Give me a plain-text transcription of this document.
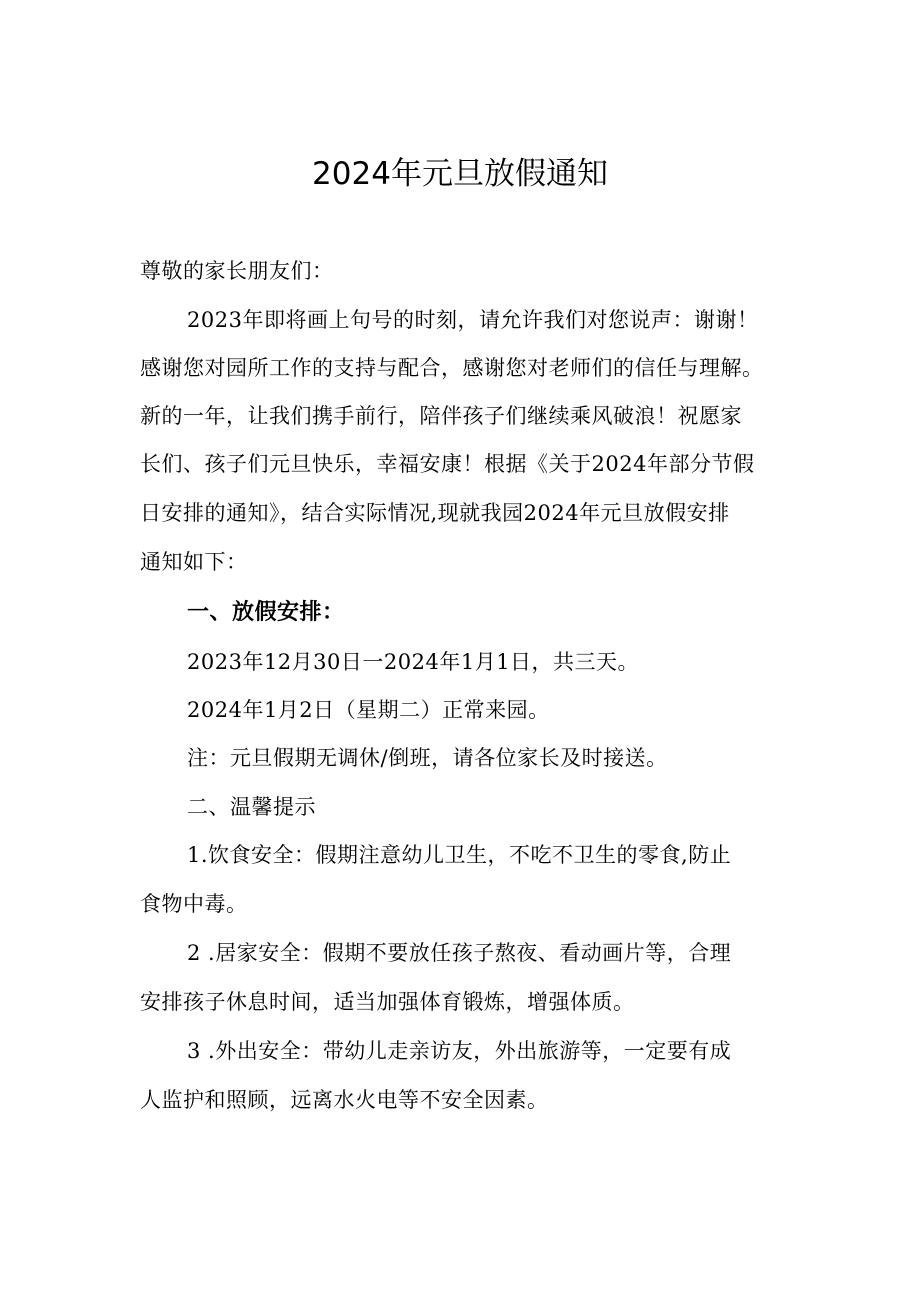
2024年元旦放假通知
尊敬的家长朋友们：
2023年即将画上句号的时刻，请允许我们对您说声：谢谢！
感谢您对园所工作的支持与配合，感谢您对老师们的信任与理解。
新的一年，让我们携手前行，陪伴孩子们继续乘风破浪！祝愿家
长们、孩子们元旦快乐，幸福安康！根据《关于2024年部分节假
日安排的通知》，结合实际情况,现就我园2024年元旦放假安排
通知如下：
一、放假安排：
2023年12月30日一2024年1月1日，共三天。
2024年1月2日（星期二）正常来园。
注：元旦假期无调休/倒班，请各位家长及时接送。
二、温馨提示
1.饮食安全：假期注意幼儿卫生，不吃不卫生的零食,防止
食物中毒。
2 .居家安全：假期不要放任孩子熬夜、看动画片等，合理
安排孩子休息时间，适当加强体育锻炼，增强体质。
3 .外出安全：带幼儿走亲访友，外出旅游等，一定要有成
人监护和照顾，远离水火电等不安全因素。
